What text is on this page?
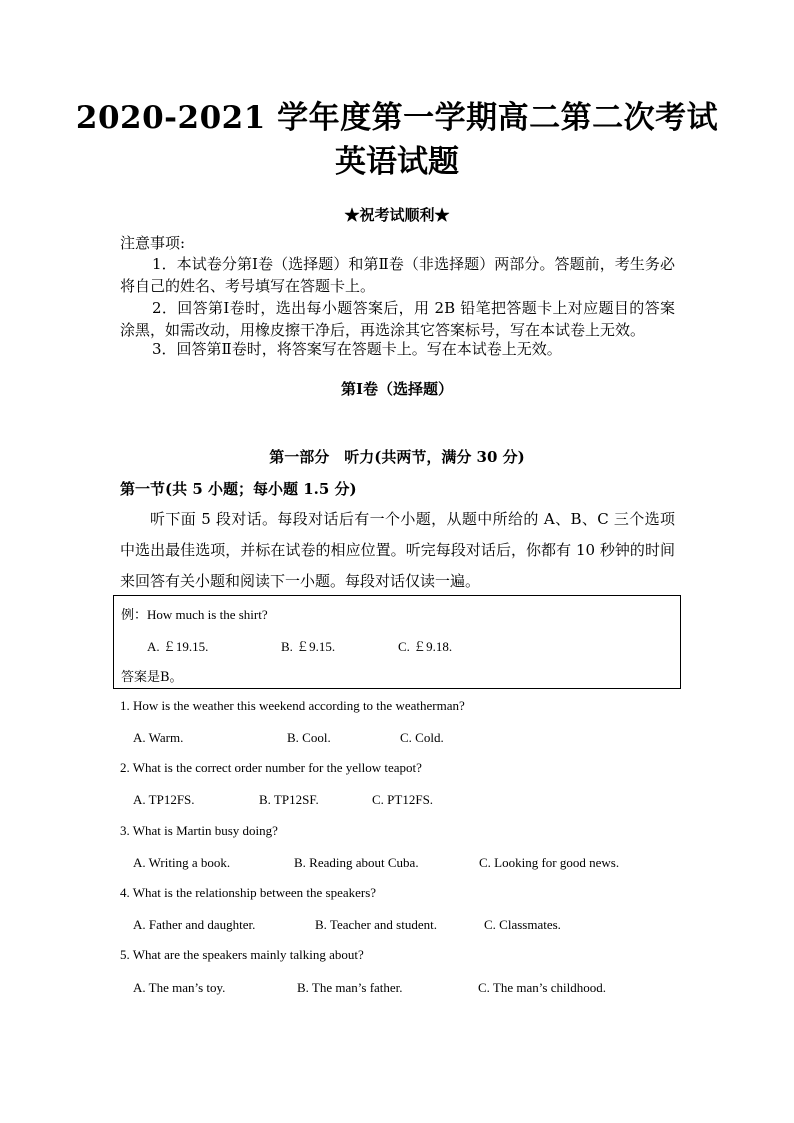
2020-2021 学年度第一学期高二第二次考试
英语试题
★祝考试顺利★
注意事项:
1．本试卷分第Ⅰ卷（选择题）和第Ⅱ卷（非选择题）两部分。答题前，考生务必将自己的姓名、考号填写在答题卡上。
2．回答第Ⅰ卷时，选出每小题答案后，用 2B 铅笔把答题卡上对应题目的答案涂黑，如需改动，用橡皮擦干净后，再选涂其它答案标号，写在本试卷上无效。
3．回答第Ⅱ卷时，将答案写在答题卡上。写在本试卷上无效。
第Ⅰ卷（选择题）
第一部分　听力(共两节，满分 30 分)
第一节(共 5 小题；每小题 1.5 分)
听下面 5 段对话。每段对话后有一个小题，从题中所给的 A、B、C 三个选项中选出最佳选项，并标在试卷的相应位置。听完每段对话后，你都有 10 秒钟的时间来回答有关小题和阅读下一小题。每段对话仅读一遍。
例：How much is the shirt?
A. ￡19.15.	B. ￡9.15.	C. ￡9.18.
答案是B。
1. How is the weather this weekend according to the weatherman?
A. Warm.	B. Cool.	C. Cold.
2. What is the correct order number for the yellow teapot?
A. TP12FS.	B. TP12SF.	C. PT12FS.
3. What is Martin busy doing?
A. Writing a book.	B. Reading about Cuba.	C. Looking for good news.
4. What is the relationship between the speakers?
A. Father and daughter.	B. Teacher and student.	C. Classmates.
5. What are the speakers mainly talking about?
A. The man’s toy.	B. The man’s father.	C. The man’s childhood.
